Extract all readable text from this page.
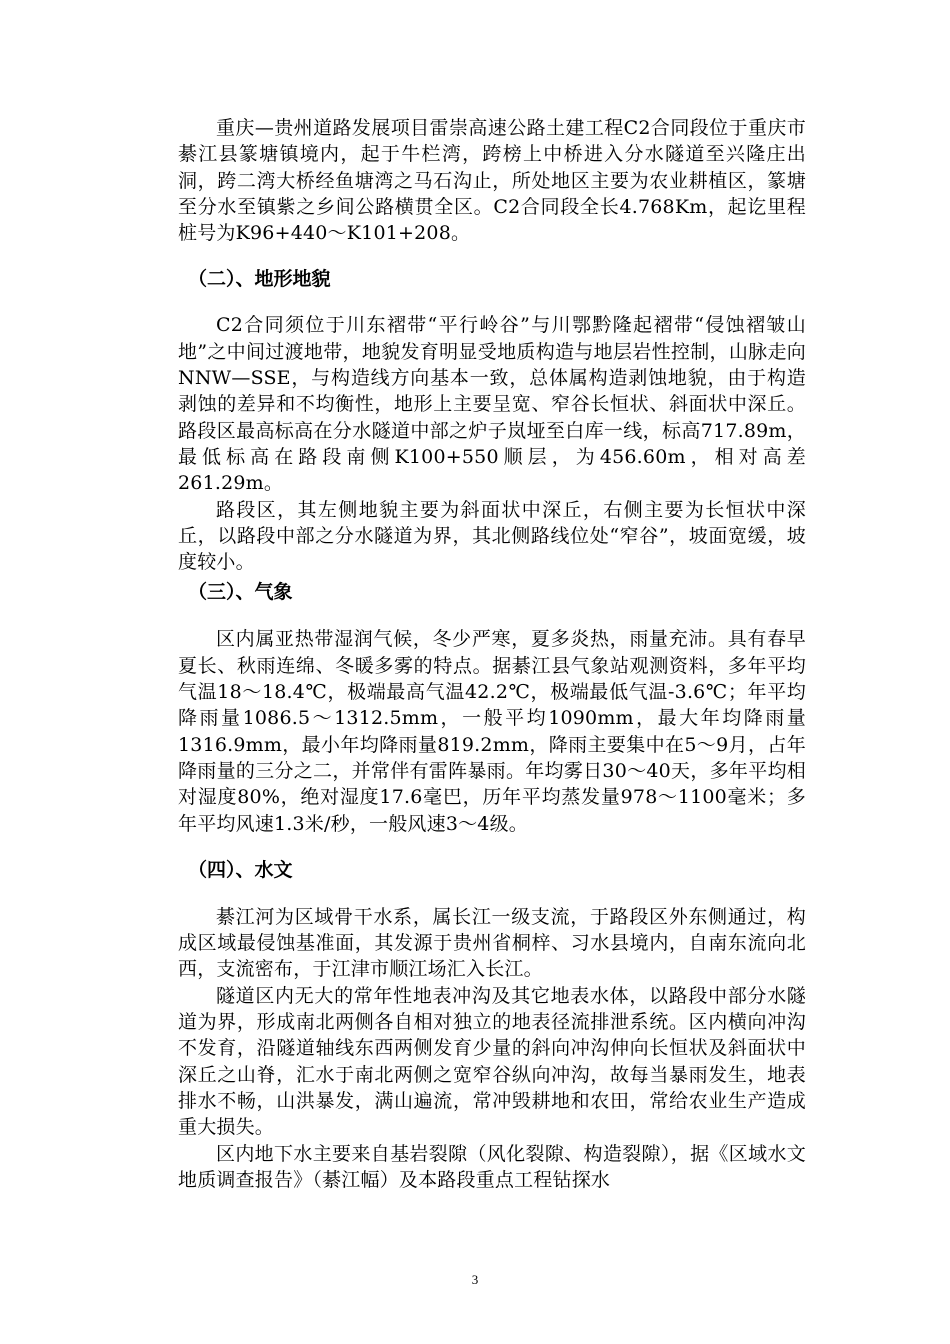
重庆—贵州道路发展项目雷崇高速公路土建工程C2合同段位于重庆市綦江县篆塘镇境内，起于牛栏湾，跨榜上中桥进入分水隧道至兴隆庄出洞，跨二湾大桥经鱼塘湾之马石沟止，所处地区主要为农业耕植区，篆塘至分水至镇紫之乡间公路横贯全区。C2合同段全长4.768Km，起讫里程桩号为K96+440～K101+208。

（二）、地形地貌

C2合同须位于川东褶带“平行岭谷”与川鄂黔隆起褶带“侵蚀褶皱山地”之中间过渡地带，地貌发育明显受地质构造与地层岩性控制，山脉走向NNW—SSE，与构造线方向基本一致，总体属构造剥蚀地貌，由于构造剥蚀的差异和不均衡性，地形上主要呈宽、窄谷长恒状、斜面状中深丘。路段区最高标高在分水隧道中部之炉子岚垭至白库一线，标高717.89m，最低标高在路段南侧K100+550顺层，为456.60m，相对高差261.29m。

路段区，其左侧地貌主要为斜面状中深丘，右侧主要为长恒状中深丘，以路段中部之分水隧道为界，其北侧路线位处“窄谷”，坡面宽缓，坡度较小。

（三）、气象

区内属亚热带湿润气候，冬少严寒，夏多炎热，雨量充沛。具有春早夏长、秋雨连绵、冬暖多雾的特点。据綦江县气象站观测资料，多年平均气温18～18.4℃，极端最高气温42.2℃，极端最低气温-3.6℃；年平均降雨量1086.5～1312.5mm，一般平均1090mm，最大年均降雨量1316.9mm，最小年均降雨量819.2mm，降雨主要集中在5～9月，占年降雨量的三分之二，并常伴有雷阵暴雨。年均雾日30～40天，多年平均相对湿度80%，绝对湿度17.6毫巴，历年平均蒸发量978～1100毫米；多年平均风速1.3米/秒，一般风速3～4级。

（四）、水文

綦江河为区域骨干水系，属长江一级支流，于路段区外东侧通过，构成区域最侵蚀基准面，其发源于贵州省桐梓、习水县境内，自南东流向北西，支流密布，于江津市顺江场汇入长江。

隧道区内无大的常年性地表冲沟及其它地表水体，以路段中部分水隧道为界，形成南北两侧各自相对独立的地表径流排泄系统。区内横向冲沟不发育，沿隧道轴线东西两侧发育少量的斜向冲沟伸向长恒状及斜面状中深丘之山脊，汇水于南北两侧之宽窄谷纵向冲沟，故每当暴雨发生，地表排水不畅，山洪暴发，满山遍流，常冲毁耕地和农田，常给农业生产造成重大损失。

区内地下水主要来自基岩裂隙（风化裂隙、构造裂隙），据《区域水文地质调查报告》（綦江幅）及本路段重点工程钻探水

3
